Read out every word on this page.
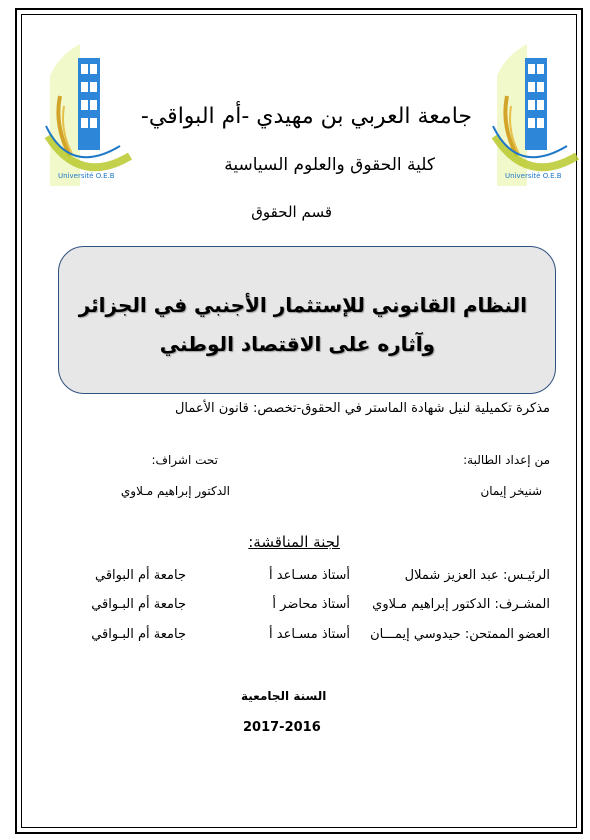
Université O.E.B	Université O.E.B
جامعة العربي بن مهيدي -أم البواقي-
كلية الحقوق والعلوم السياسية
قسم الحقوق
النظام القانوني للإستثمار الأجنبي في الجزائر
وآثاره على الاقتصاد الوطني
مذكرة تكميلية لنيل شهادة الماستر في الحقوق-تخصص: قانون الأعمال
من إعداد الطالبة:
تحت اشراف:
شنيخر إيمان
الدكتور إبراهيم مـلاوي
لجنة المناقشة:
الرئيـس: عبد العزيز شملال
أستاذ مسـاعد أ
جامعة أم البواقي
المشـرف: الدكتور إبراهيم مـلاوي
أستاذ محاضر أ
جامعة أم البـواقي
العضو الممتحن: حيدوسي إيمـــان
أستاذ مسـاعد أ
جامعة أم البـواقي
السنة الجامعية
2017-2016
